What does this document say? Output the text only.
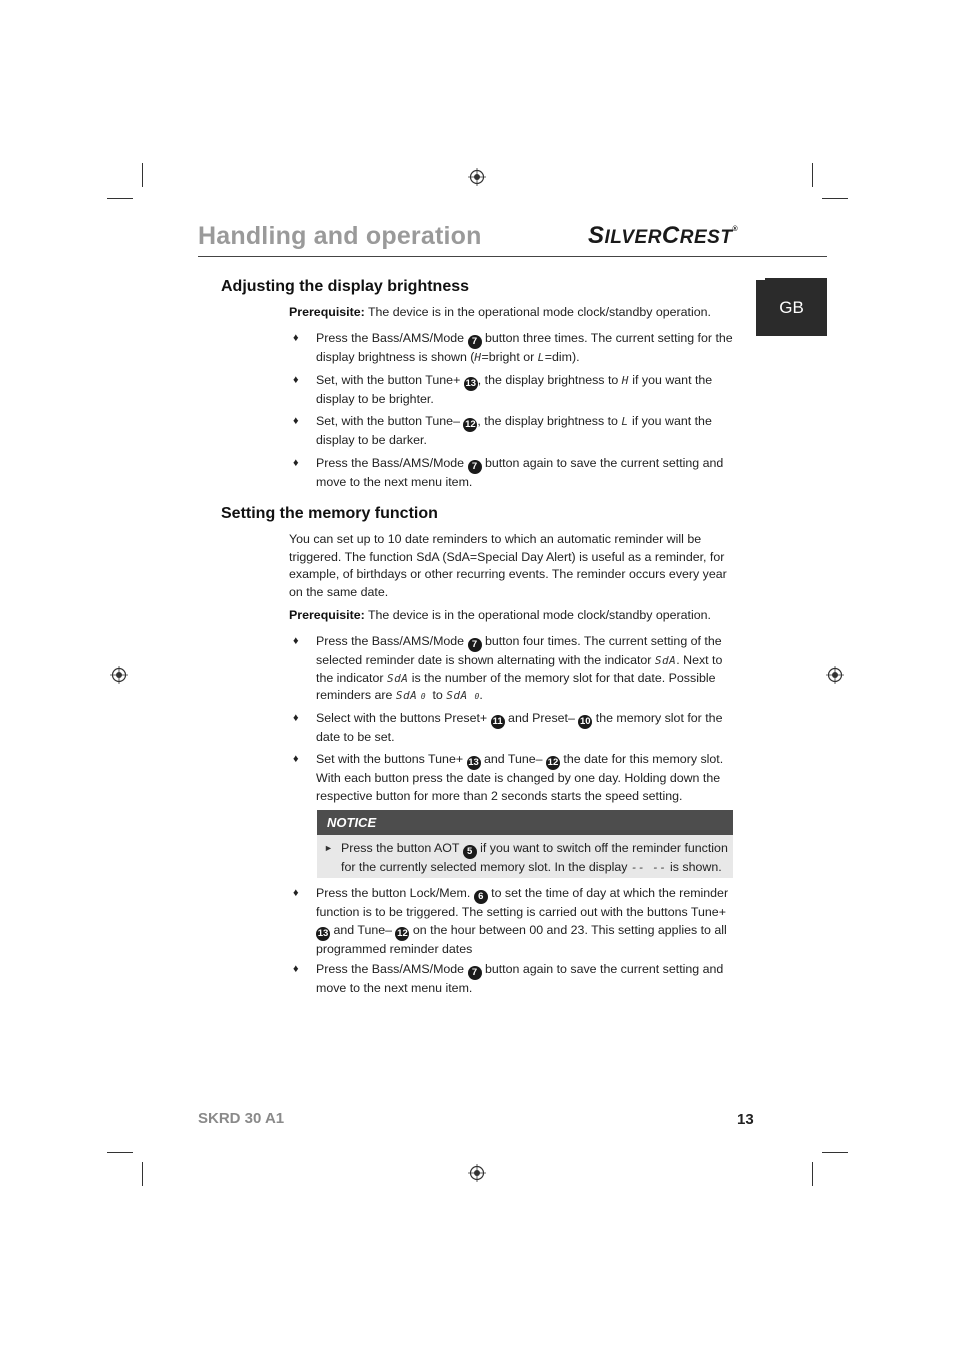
Handling and operation	SILVERCREST®
GB
Adjusting the display brightness
Prerequisite: The device is in the operational mode clock/standby operation.
♦	Press the Bass/AMS/Mode 7 button three times. The current setting for the display brightness is shown (H=bright or L=dim).
♦	Set, with the button Tune+ 13 , the display brightness to H if you want the display to be brighter.
♦	Set, with the button Tune– 12 , the display brightness to L if you want the display to be darker.
♦	Press the Bass/AMS/Mode 7 button again to save the current setting and move to the next menu item.
Setting the memory function
You can set up to 10 date reminders to which an automatic reminder will be triggered. The function SdA (SdA=Special Day Alert) is useful as a reminder, for example, of birthdays or other recurring events. The reminder occurs every year on the same date.
Prerequisite: The device is in the operational mode clock/standby operation.
♦	Press the Bass/AMS/Mode 7 button four times. The current setting of the selected reminder date is shown alternating with the indicator SdA. Next to the indicator SdA is the number of the memory slot for that date. Possible reminders are SdA 0  to SdA 0.
♦	Select with the buttons Preset+ 11 and Preset– 10 the memory slot for the date to be set.
♦	Set with the buttons Tune+ 13 and Tune– 12 the date for this memory slot. With each button press the date is changed by one day. Holding down the respective button for more than 2 seconds starts the speed setting.
NOTICE
► Press the button AOT 5 if you want to switch off the reminder function for the currently selected memory slot. In the display -- -- is shown.
♦	Press the button Lock/Mem. 6 to set the time of day at which the reminder function is to be triggered. The setting is carried out with the buttons Tune+ 13 and Tune– 12 on the hour between 00 and 23. This setting applies to all programmed reminder dates
♦	Press the Bass/AMS/Mode 7 button again to save the current setting and move to the next menu item.
SKRD 30 A1	13
